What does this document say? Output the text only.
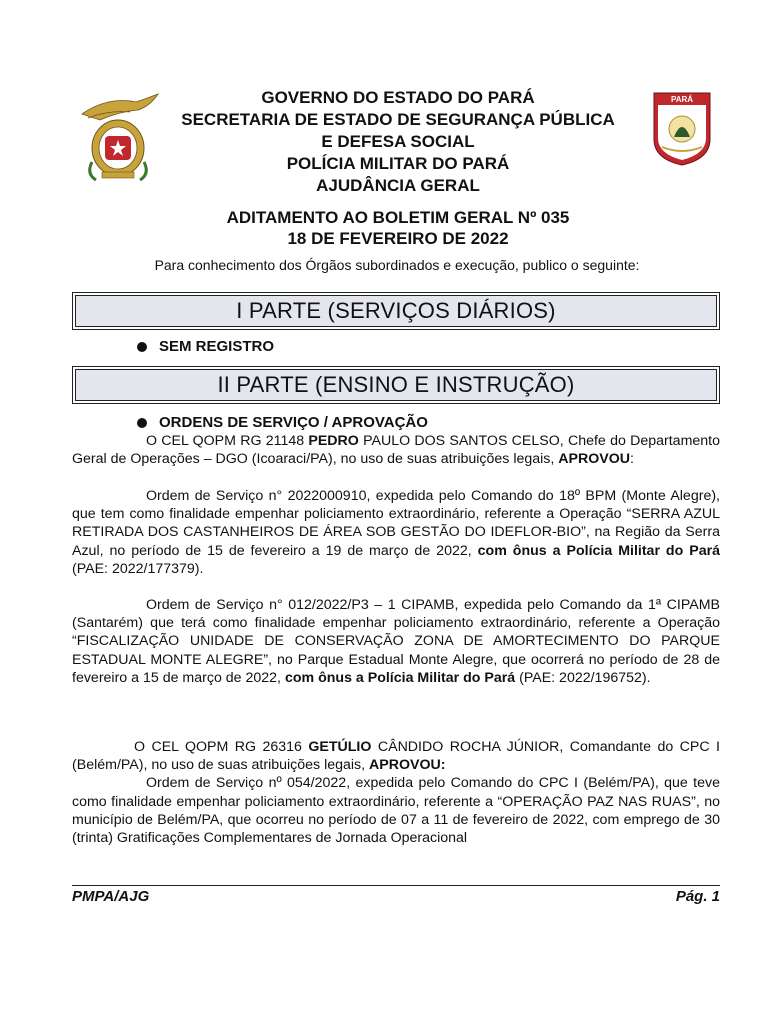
PARÁ
GOVERNO DO ESTADO DO PARÁ
SECRETARIA DE ESTADO DE SEGURANÇA PÚBLICA
E DEFESA SOCIAL
POLÍCIA MILITAR DO PARÁ
AJUDÂNCIA GERAL
ADITAMENTO AO BOLETIM GERAL Nº 035
18 DE FEVEREIRO DE 2022
Para conhecimento dos Órgãos subordinados e execução, publico o seguinte:
I PARTE (SERVIÇOS DIÁRIOS)
SEM REGISTRO
II PARTE (ENSINO E INSTRUÇÃO)
ORDENS DE SERVIÇO / APROVAÇÃO

O CEL QOPM RG 21148 PEDRO PAULO DOS SANTOS CELSO, Chefe do Departamento Geral de Operações – DGO (Icoaraci/PA), no uso de suas atribuições legais, APROVOU:

Ordem de Serviço n° 2022000910, expedida pelo Comando do 18º BPM (Monte Alegre), que tem como finalidade empenhar policiamento extraordinário, referente a Operação “SERRA AZUL RETIRADA DOS CASTANHEIROS DE ÁREA SOB GESTÃO DO IDEFLOR-BIO”, na Região da Serra Azul, no período de 15 de fevereiro a 19 de março de 2022, com ônus a Polícia Militar do Pará (PAE: 2022/177379).

Ordem de Serviço n° 012/2022/P3 – 1 CIPAMB, expedida pelo Comando da 1ª CIPAMB (Santarém) que terá como finalidade empenhar policiamento extraordinário, referente a Operação “FISCALIZAÇÃO UNIDADE DE CONSERVAÇÃO ZONA DE AMORTECIMENTO DO PARQUE ESTADUAL MONTE ALEGRE”, no Parque Estadual Monte Alegre, que ocorrerá no período de 28 de fevereiro a 15 de março de 2022, com ônus a Polícia Militar do Pará (PAE: 2022/196752).

O CEL QOPM RG 26316 GETÚLIO CÂNDIDO ROCHA JÚNIOR, Comandante do CPC I (Belém/PA), no uso de suas atribuições legais, APROVOU:

Ordem de Serviço nº 054/2022, expedida pelo Comando do CPC I (Belém/PA), que teve como finalidade empenhar policiamento extraordinário, referente a “OPERAÇÃO PAZ NAS RUAS”, no município de Belém/PA, que ocorreu no período de 07 a 11 de fevereiro de 2022, com emprego de 30 (trinta) Gratificações Complementares de Jornada Operacional

PMPA/AJG	Pág. 1
